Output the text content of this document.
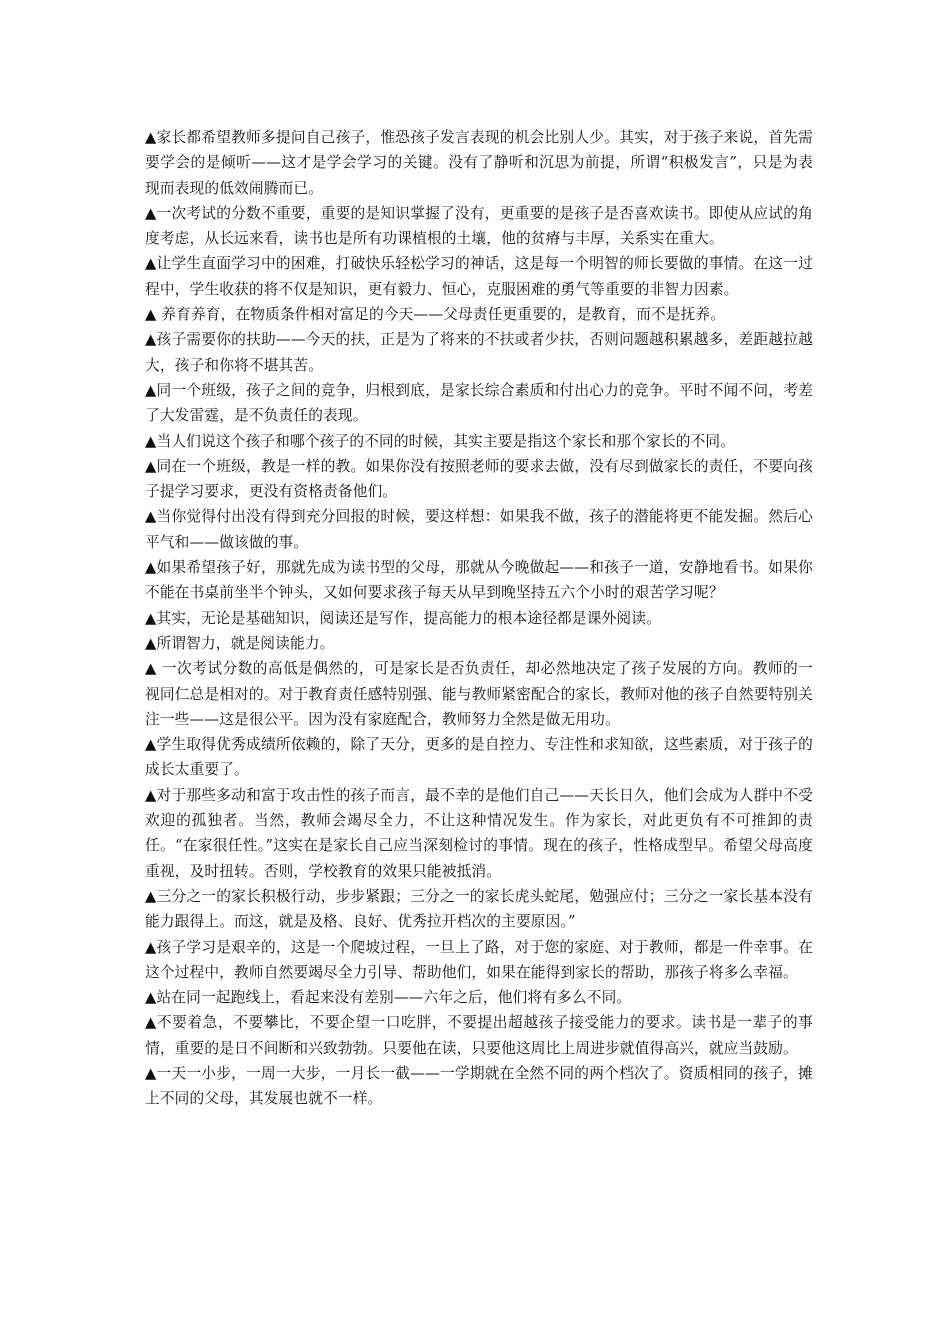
▲家长都希望教师多提问自己孩子，惟恐孩子发言表现的机会比别人少。其实，对于孩子来说，首先需要学会的是倾听——这才是学会学习的关键。没有了静听和沉思为前提，所谓“积极发言”，只是为表现而表现的低效闹腾而已。

▲一次考试的分数不重要，重要的是知识掌握了没有，更重要的是孩子是否喜欢读书。即使从应试的角度考虑，从长远来看，读书也是所有功课植根的土壤，他的贫瘠与丰厚，关系实在重大。

▲让学生直面学习中的困难，打破快乐轻松学习的神话，这是每一个明智的师长要做的事情。在这一过程中，学生收获的将不仅是知识，更有毅力、恒心，克服困难的勇气等重要的非智力因素。

▲ 养育养育，在物质条件相对富足的今天——父母责任更重要的，是教育，而不是抚养。

▲孩子需要你的扶助——今天的扶，正是为了将来的不扶或者少扶，否则问题越积累越多，差距越拉越大，孩子和你将不堪其苦。

▲同一个班级，孩子之间的竞争，归根到底，是家长综合素质和付出心力的竞争。平时不闻不问，考差了大发雷霆，是不负责任的表现。

▲当人们说这个孩子和哪个孩子的不同的时候，其实主要是指这个家长和那个家长的不同。

▲同在一个班级，教是一样的教。如果你没有按照老师的要求去做，没有尽到做家长的责任，不要向孩子提学习要求，更没有资格责备他们。

▲当你觉得付出没有得到充分回报的时候，要这样想：如果我不做，孩子的潜能将更不能发掘。然后心平气和——做该做的事。

▲如果希望孩子好，那就先成为读书型的父母，那就从今晚做起——和孩子一道，安静地看书。如果你不能在书桌前坐半个钟头，又如何要求孩子每天从早到晚坚持五六个小时的艰苦学习呢？

▲其实，无论是基础知识，阅读还是写作，提高能力的根本途径都是课外阅读。

▲所谓智力，就是阅读能力。

▲ 一次考试分数的高低是偶然的，可是家长是否负责任，却必然地决定了孩子发展的方向。教师的一视同仁总是相对的。对于教育责任感特别强、能与教师紧密配合的家长，教师对他的孩子自然要特别关注一些——这是很公平。因为没有家庭配合，教师努力全然是做无用功。

▲学生取得优秀成绩所依赖的，除了天分，更多的是自控力、专注性和求知欲，这些素质，对于孩子的成长太重要了。

▲对于那些多动和富于攻击性的孩子而言，最不幸的是他们自己——天长日久，他们会成为人群中不受欢迎的孤独者。当然，教师会竭尽全力，不让这种情况发生。作为家长，对此更负有不可推卸的责任。“在家很任性。”这实在是家长自己应当深刻检讨的事情。现在的孩子，性格成型早。希望父母高度重视，及时扭转。否则，学校教育的效果只能被抵消。

▲三分之一的家长积极行动，步步紧跟；三分之一的家长虎头蛇尾，勉强应付；三分之一家长基本没有能力跟得上。而这，就是及格、良好、优秀拉开档次的主要原因。”

▲孩子学习是艰辛的，这是一个爬坡过程，一旦上了路，对于您的家庭、对于教师，都是一件幸事。在这个过程中，教师自然要竭尽全力引导、帮助他们，如果在能得到家长的帮助，那孩子将多么幸福。

▲站在同一起跑线上，看起来没有差别——六年之后，他们将有多么不同。

▲不要着急，不要攀比，不要企望一口吃胖，不要提出超越孩子接受能力的要求。读书是一辈子的事情，重要的是日不间断和兴致勃勃。只要他在读，只要他这周比上周进步就值得高兴，就应当鼓励。

▲一天一小步，一周一大步，一月长一截——一学期就在全然不同的两个档次了。资质相同的孩子，摊上不同的父母，其发展也就不一样。
